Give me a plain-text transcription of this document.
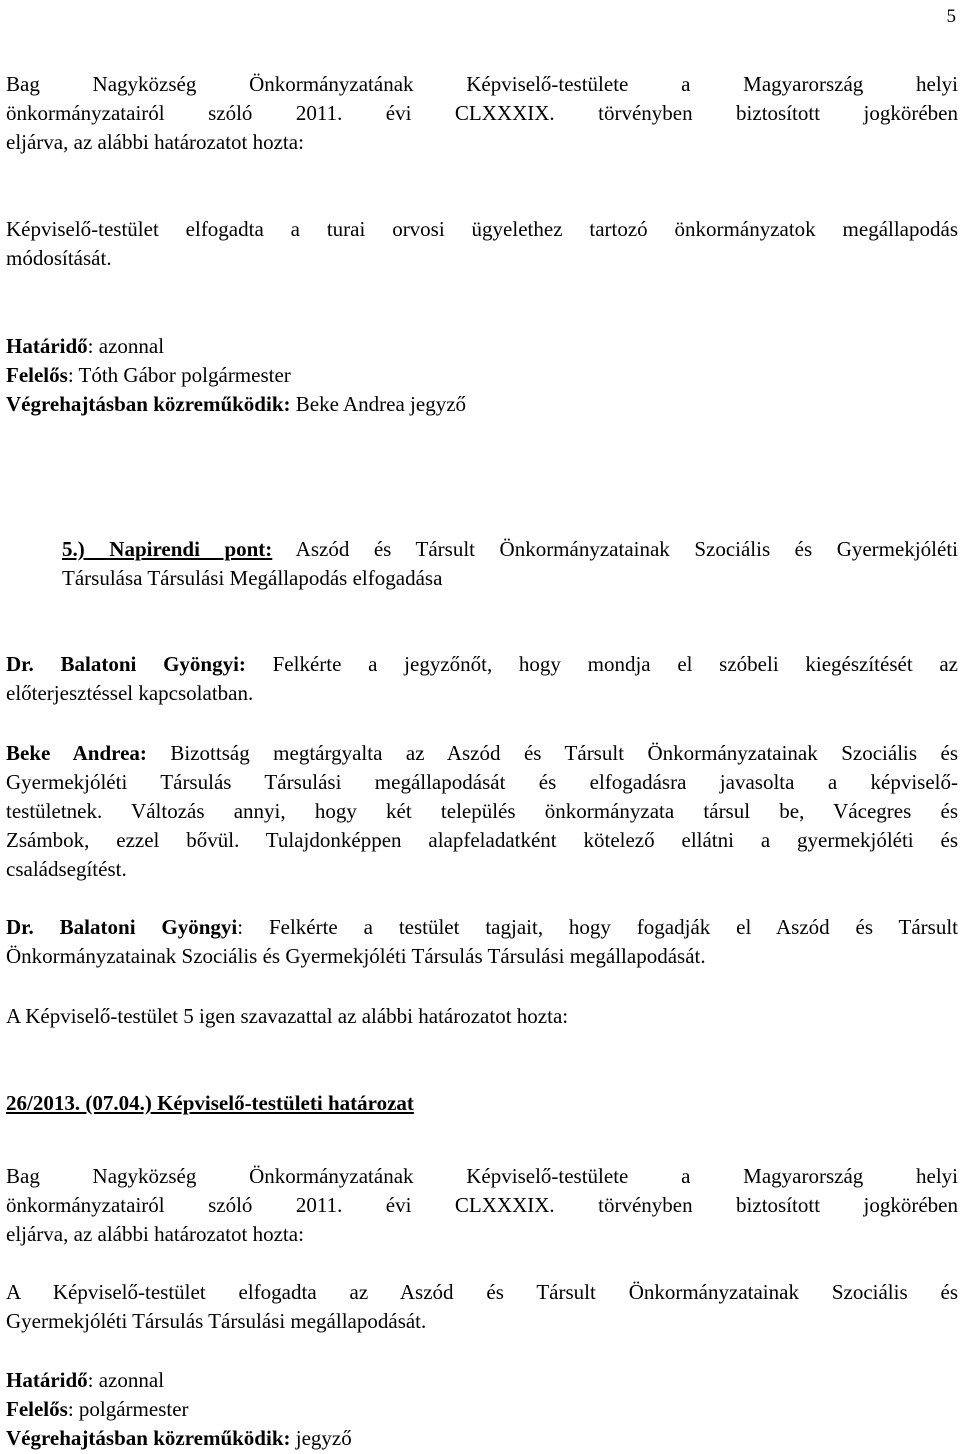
5
Bag Nagyközség Önkormányzatának Képviselő-testülete a Magyarország helyi
önkormányzatairól szóló 2011. évi CLXXXIX. törvényben biztosított jogkörében
eljárva, az alábbi határozatot hozta:
Képviselő-testület elfogadta a turai orvosi ügyelethez tartozó önkormányzatok megállapodás
módosítását.
Határidő: azonnal
Felelős: Tóth Gábor polgármester
Végrehajtásban közreműködik: Beke Andrea jegyző
5.) Napirendi pont: Aszód és Társult Önkormányzatainak Szociális és Gyermekjóléti
Társulása Társulási Megállapodás elfogadása
Dr. Balatoni Gyöngyi: Felkérte a jegyzőnőt, hogy mondja el szóbeli kiegészítését az
előterjesztéssel kapcsolatban.
Beke Andrea: Bizottság megtárgyalta az Aszód és Társult Önkormányzatainak Szociális és
Gyermekjóléti Társulás Társulási megállapodását és elfogadásra javasolta a képviselő-
testületnek. Változás annyi, hogy két település önkormányzata társul be, Vácegres és
Zsámbok, ezzel bővül. Tulajdonképpen alapfeladatként kötelező ellátni a gyermekjóléti és
családsegítést.
Dr. Balatoni Gyöngyi: Felkérte a testület tagjait, hogy fogadják el Aszód és Társult
Önkormányzatainak Szociális és Gyermekjóléti Társulás Társulási megállapodását.
A Képviselő-testület 5 igen szavazattal az alábbi határozatot hozta:
26/2013. (07.04.) Képviselő-testületi határozat
Bag Nagyközség Önkormányzatának Képviselő-testülete a Magyarország helyi
önkormányzatairól szóló 2011. évi CLXXXIX. törvényben biztosított jogkörében
eljárva, az alábbi határozatot hozta:
A Képviselő-testület elfogadta az Aszód és Társult Önkormányzatainak Szociális és
Gyermekjóléti Társulás Társulási megállapodását.
Határidő: azonnal
Felelős: polgármester
Végrehajtásban közreműködik: jegyző
